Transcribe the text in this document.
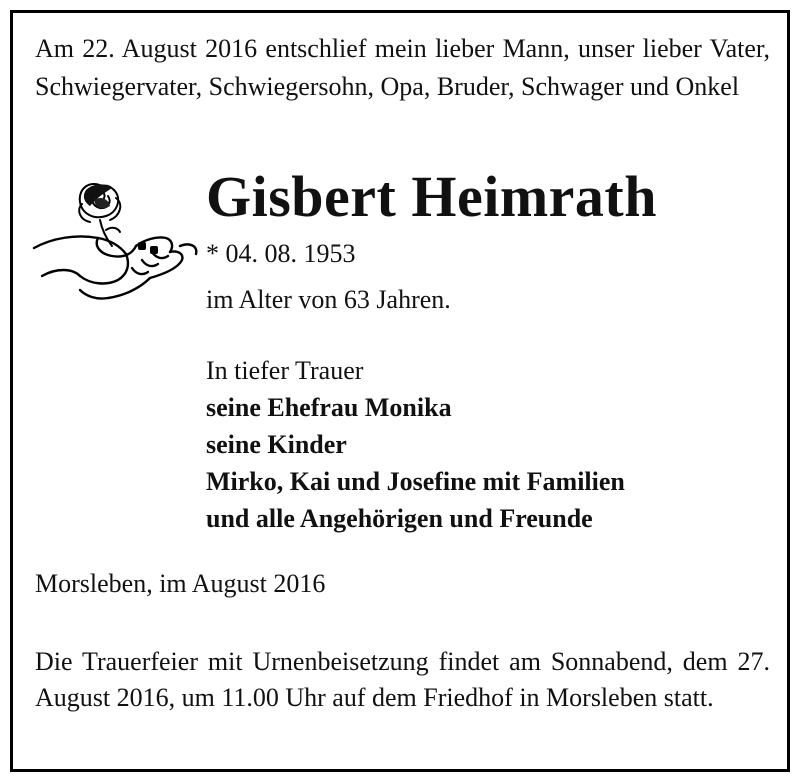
Am 22. August 2016 entschlief mein lieber Mann, unser lieber Vater, Schwiegervater, Schwiegersohn, Opa, Bruder, Schwager und Onkel
Gisbert Heimrath
* 04. 08. 1953
im Alter von 63 Jahren.
In tiefer Trauer
seine Ehefrau Monika
seine Kinder
Mirko, Kai und Josefine mit Familien
und alle Angehörigen und Freunde
Morsleben, im August 2016
Die Trauerfeier mit Urnenbeisetzung findet am Sonnabend, dem 27. August 2016, um 11.00 Uhr auf dem Friedhof in Morsleben statt.
